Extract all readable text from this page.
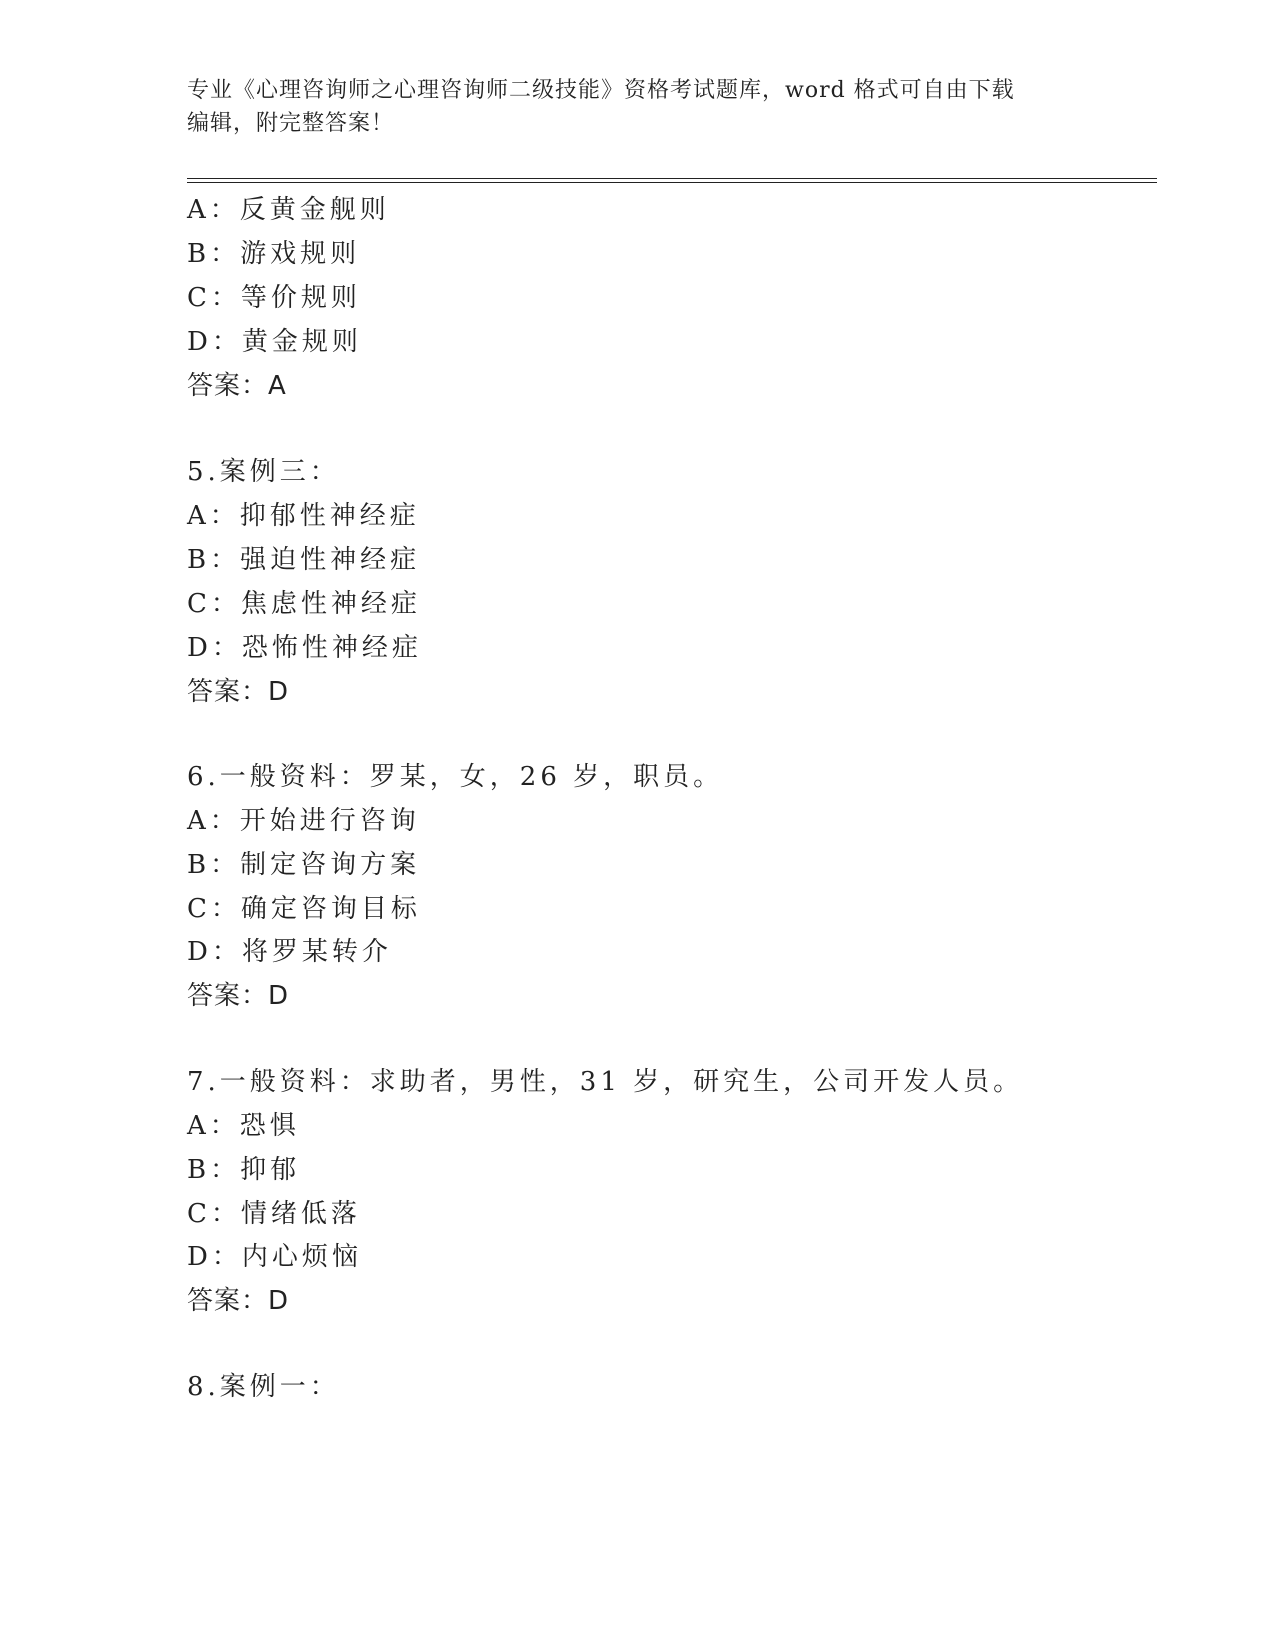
专业《心理咨询师之心理咨询师二级技能》资格考试题库，word 格式可自由下载
编辑，附完整答案！
A：反黄金舰则
B：游戏规则
C：等价规则
D：黄金规则
答案：A
5.案例三：
A：抑郁性神经症
B：强迫性神经症
C：焦虑性神经症
D：恐怖性神经症
答案：D
6.一般资料：罗某，女，26 岁，职员。
A：开始进行咨询
B：制定咨询方案
C：确定咨询目标
D：将罗某转介
答案：D
7.一般资料：求助者，男性，31 岁，研究生，公司开发人员。
A：恐惧
B：抑郁
C：情绪低落
D：内心烦恼
答案：D
8.案例一：
